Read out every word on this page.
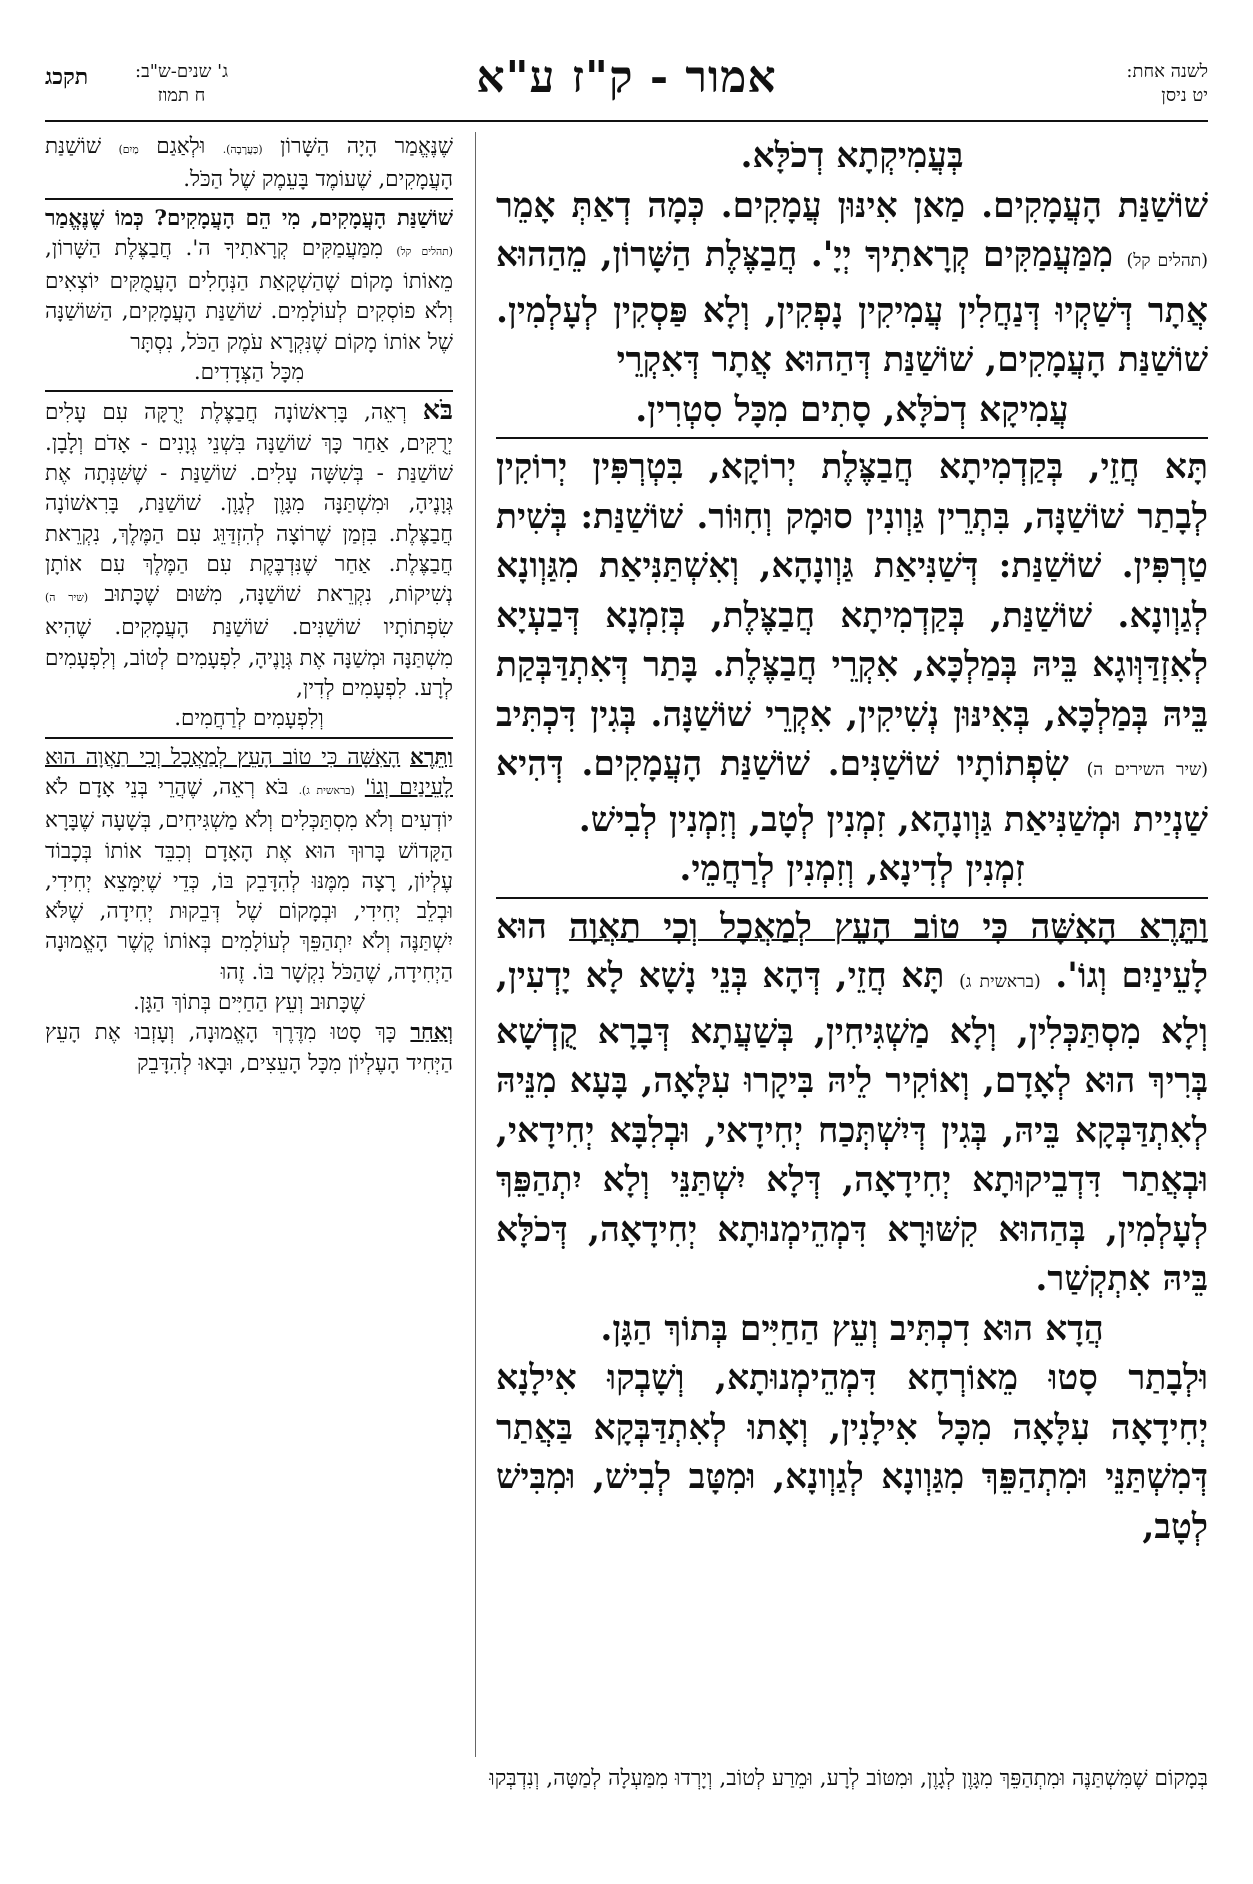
לשנה אחת:
יט ניסן
אמור - ק"ז ע"א
ג' שנים-ש"ב:
ח תמוז
תקכג

בְּעֲמִיקְתָא דְכֹלָּא.

שׁוֹשַׁנַּת הָעֲמָקִים. מַאן אִינּוּן עֲמָקִים. כְּמָה דְאַתְּ אָמֵר (תהלים קל) מִמַּעֲמַקִּים קְרָאתִיךָ יְיָ'. חֲבַצֶּלֶת הַשָּׁרוֹן, מֵהַהוּא אֲתָר דְּשַׁקְיוּ דְּנַחֲלִין עֲמִיקִין נָפְקִין, וְלָא פַּסְקִין לְעָלְמִין. שׁוֹשַׁנַּת הָעֲמָקִים, שׁוֹשַׁנַּת דְּהַהוּא אֲתָר דְּאִקְרֵי

עֲמִיקָא דְכֹלָּא, סָתִים מִכָּל סִטְרִין.

תָּא חֲזֵי, בְּקַדְמִיתָא חֲבַצֶּלֶת יְרוֹקָא, בִּטְרְפִּין יְרוֹקִין לְבָתַר שׁוֹשַׁנָּה, בִּתְרֵין גַּוְונִין סוּמָק וְחִוּוֹר. שׁוֹשַׁנַּת: בְּשִׁית טַרְפִּין. שׁוֹשַׁנַּת: דְּשַׁנִּיאַת גַּוְונָהָא, וְאִשְׁתַּנִּיאַת מִגַּוְונָא לְגַוְונָא. שׁוֹשַׁנַּת, בְּקַדְמִיתָא חֲבַצֶּלֶת, בְּזִמְנָא דְּבַעְיָא לְאִזְדַּוְּוגָא בֵּיהּ בְּמַלְכָּא, אִקְרֵי חֲבַצֶּלֶת. בָּתַר דְּאִתְדַּבְּקַת בֵּיהּ בְּמַלְכָּא, בְּאִינּוּן נְשִׁיקִין, אִקְרֵי שׁוֹשַׁנָּה. בְּגִין דִּכְתִּיב (שיר השירים ה) שִׂפְתוֹתָיו שׁוֹשַׁנִּים. שׁוֹשַׁנַּת הָעֲמָקִים. דְּהִיא שַׁנְיַית וּמְשַׁנִּיאַת גַּוְונָהָא, זִמְנִין לְטָב, וְזִמְנִין לְבִישׁ.

זִמְנִין לְדִינָא, וְזִמְנִין לְרַחֲמֵי.

וַתֵּרֶא הָאִשָּׁה כִּי טוֹב הָעֵץ לְמַאֲכָל וְכִי תַאֲוָה הוּא לָעֵינַיִם וְגוֹ'. (בראשית ג) תָּא חֲזֵי, דְּהָא בְּנֵי נָשָׁא לָא יָדְעִין, וְלָא מִסְתַּכְּלִין, וְלָא מַשְׁגִּיחִין, בְּשַׁעֲתָא דְּבָרָא קֻדְשָׁא בְּרִיךְ הוּא לְאָדָם, וְאוֹקִיר לֵיהּ בִּיקָרוּ עִלָּאָה, בָּעָא מִנֵּיהּ לְאִתְדַּבְּקָא בֵּיהּ, בְּגִין דְּיִשְׁתְּכַח יְחִידָאי, וּבְלִבָּא יְחִידָאי, וּבְאֲתַר דִּדְבֵיקוּתָא יְחִידָאָה, דְּלָא יִשְׁתַּנֵּי וְלָא יִתְהַפֵּךְ לְעָלְמִין, בְּהַהוּא קִשּׁוּרָא דִּמְהֵימְנוּתָא יְחִידָאָה, דְּכֹלָּא בֵּיהּ אִתְקְשַׁר.

הֲדָא הוּא דִכְתִּיב וְעֵץ הַחַיִּים בְּתוֹךְ הַגָּן.

וּלְבָתַר סָטוּ מֵאוֹרְחָא דִּמְהֵימְנוּתָא, וְשָׁבְקוּ אִילָנָא יְחִידָאָה עִלָּאָה מִכָּל אִילָנִין, וְאָתוּ לְאִתְדַּבְּקָא בַּאֲתַר דְּמִשְׁתַּנֵּי וּמִתְהַפֵּךְ מִגַּוְונָא לְגַוְונָא, וּמִטָּב לְבִישׁ, וּמִבִּישׁ לְטָב,

שֶׁנֶּאֱמַר הָיָה הַשָּׁרוֹן (כַּעֲרָבָה). וּלְאַגַם מַיִם) שׁוֹשַׁנַּת הָעֲמָקִים, שֶׁעוֹמֶד בָּעֵמֶק שֶׁל הַכֹּל.

שׁוֹשַׁנַּת הָעֲמָקִים, מִי הֵם הָעֲמָקִים? כְּמוֹ שֶׁנֶּאֱמַר (תהלים קל) מִמַּעֲמַקִּים קְרָאתִיךָ ה'. חֲבַצֶּלֶת הַשָּׁרוֹן, מֵאוֹתוֹ מָקוֹם שֶׁהַשְׁקָאַת הַנְּחָלִים הָעֲמֻקִּים יוֹצְאִים וְלֹא פוֹסְקִים לְעוֹלָמִים. שׁוֹשַׁנַּת הָעֲמָקִים, הַשּׁוֹשַׁנָּה שֶׁל אוֹתוֹ מָקוֹם שֶׁנִּקְרָא עֹמֶק הַכֹּל, נִסְתָּר

מִכָּל הַצְּדָדִים.

בֹּא רְאֵה, בָּרִאשׁוֹנָה חֲבַצֶּלֶת יְרֻקָּה עִם עָלִים יְרֻקִּים, אַחַר כָּךְ שׁוֹשַׁנָּה בִּשְׁנֵי גְוָנִים - אָדֹם וְלָבָן. שׁוֹשַׁנַּת - בְּשִׁשָּׁה עָלִים. שׁוֹשַׁנַּת - שֶׁשִּׁנְּתָה אֶת גְּוָנֶיהָ, וּמִשְׁתַּנָּה מִגָּוֶן לְגָוֶן. שׁוֹשַׁנַּת, בָּרִאשׁוֹנָה חֲבַצֶּלֶת. בִּזְמַן שֶׁרוֹצָה לְהִזְדַּוֵּג עִם הַמֶּלֶךְ, נִקְרֵאת חֲבַצֶּלֶת. אַחַר שֶׁנִּדְבֶּקֶת עִם הַמֶּלֶךְ עִם אוֹתָן נְשִׁיקוֹת, נִקְרֵאת שׁוֹשַׁנָּה, מִשּׁוּם שֶׁכָּתוּב (שיר ה) שִׂפְתוֹתָיו שׁוֹשַׁנִּים. שׁוֹשַׁנַּת הָעֲמָקִים. שֶׁהִיא מִשְׁתַּנָּה וּמְשַׁנָּה אֶת גְּוָנֶיהָ, לִפְעָמִים לְטוֹב, וְלִפְעָמִים לְרָע. לִפְעָמִים לְדִין,

וְלִפְעָמִים לְרַחֲמִים.

וַתֵּרֶא הָאִשָּׁה כִּי טוֹב הָעֵץ לְמַאֲכָל וְכִי תַאֲוָה הוּא לָעֵינַיִם וְגוֹ' (בראשית ג). בֹּא רְאֵה, שֶׁהֲרֵי בְּנֵי אָדָם לֹא יוֹדְעִים וְלֹא מִסְתַּכְּלִים וְלֹא מַשְׁגִּיחִים, בְּשָׁעָה שֶׁבָּרָא הַקָּדוֹשׁ בָּרוּךְ הוּא אֶת הָאָדָם וְכִבֵּד אוֹתוֹ בְּכָבוֹד עֶלְיוֹן, רָצָה מִמֶּנּוּ לְהִדָּבֵק בּוֹ, כְּדֵי שֶׁיִּמָּצֵא יְחִידִי, וּבְלֵב יְחִידִי, וּבְמָקוֹם שֶׁל דְּבֵקוּת יְחִידָה, שֶׁלֹּא יִשְׁתַּנֶּה וְלֹא יִתְהַפֵּךְ לְעוֹלָמִים בְּאוֹתוֹ קֶשֶׁר הָאֱמוּנָה הַיְחִידָה, שֶׁהַכֹּל נִקְשָׁר בּוֹ. זֶהוּ

שֶׁכָּתוּב וְעֵץ הַחַיִּים בְּתוֹךְ הַגָּן.

וְאַחַר כָּךְ סָטוּ מִדֶּרֶךְ הָאֱמוּנָה, וְעָזְבוּ אֶת הָעֵץ הַיְּחִיד הָעֶלְיוֹן מִכָּל הָעֵצִים, וּבָאוּ לְהִדָּבֵק

בְּמָקוֹם שֶׁמִּשְׁתַּנֶּה וּמִתְהַפֵּךְ מִגָּוֶן לְגָוֶן, וּמִטּוֹב לְרָע, וּמֵרַע לְטוֹב, וְיָרְדוּ מִמַּעְלָה לְמַטָּה, וְנִדְבְּקוּ
